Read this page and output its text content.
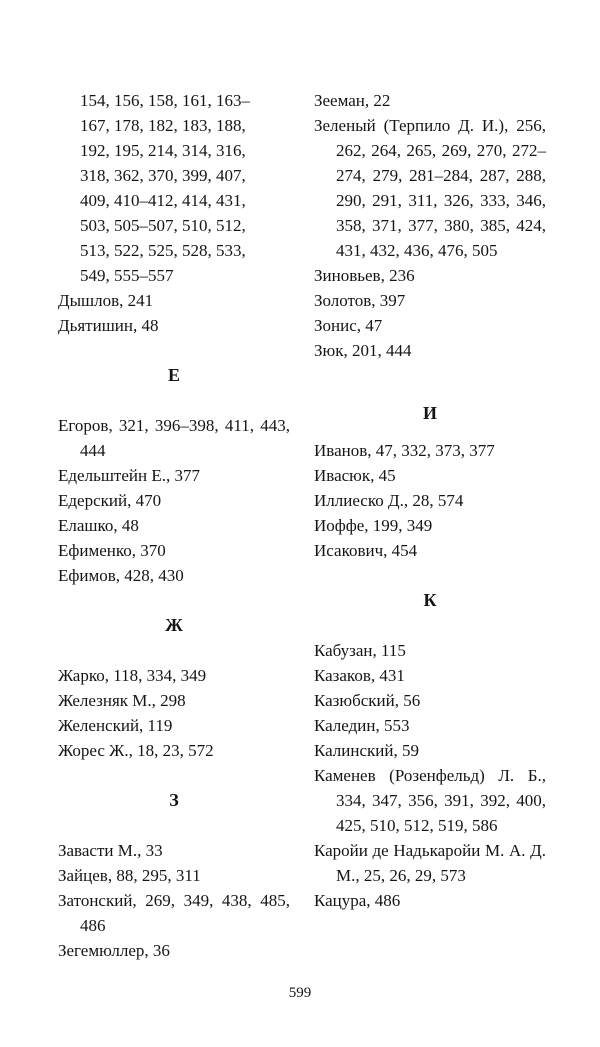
154, 156, 158, 161, 163–
167, 178, 182, 183, 188,
192, 195, 214, 314, 316,
318, 362, 370, 399, 407,
409, 410–412, 414, 431,
503, 505–507, 510, 512,
513, 522, 525, 528, 533,
549, 555–557
Дышлов, 241
Дьятишин, 48
Е
Егоров, 321, 396–398, 411, 443, 444
Едельштейн Е., 377
Едерский, 470
Елашко, 48
Ефименко, 370
Ефимов, 428, 430
Ж
Жарко, 118, 334, 349
Железняк М., 298
Желенский, 119
Жорес Ж., 18, 23, 572
З
Завасти М., 33
Зайцев, 88, 295, 311
Затонский, 269, 349, 438, 485, 486
Зегемюллер, 36
Зееман, 22
Зеленый (Терпило Д. И.), 256, 262, 264, 265, 269, 270, 272–274, 279, 281–284, 287, 288, 290, 291, 311, 326, 333, 346, 358, 371, 377, 380, 385, 424, 431, 432, 436, 476, 505
Зиновьев, 236
Золотов, 397
Зонис, 47
Зюк, 201, 444
И
Иванов, 47, 332, 373, 377
Ивасюк, 45
Иллиеско Д., 28, 574
Иоффе, 199, 349
Исакович, 454
К
Кабузан, 115
Казаков, 431
Казюбский, 56
Каледин, 553
Калинский, 59
Каменев (Розенфельд) Л. Б., 334, 347, 356, 391, 392, 400, 425, 510, 512, 519, 586
Каройи де Надькаройи М. А. Д. М., 25, 26, 29, 573
Кацура, 486
599
